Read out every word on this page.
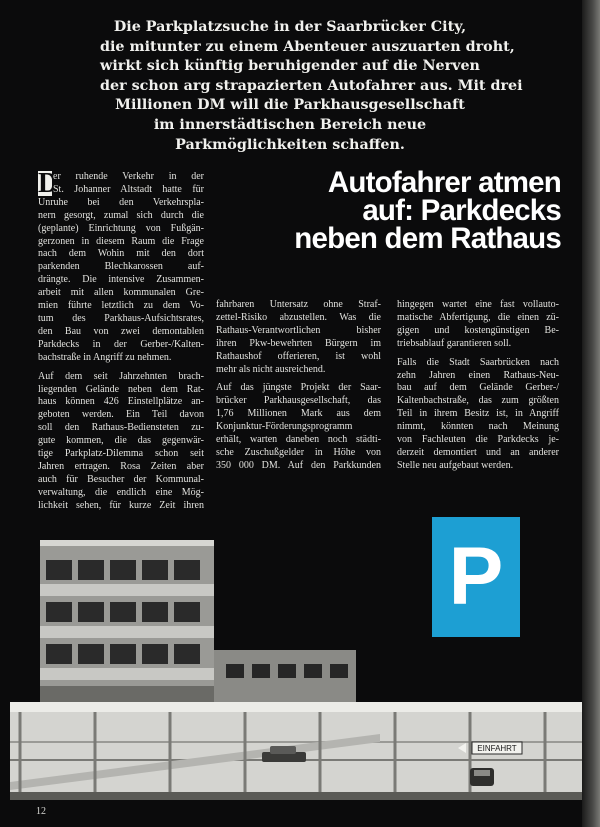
Die Parkplatzsuche in der Saarbrücker City,
die mitunter zu einem Abenteuer auszuarten droht,
wirkt sich künftig beruhigender auf die Nerven
der schon arg strapazierten Autofahrer aus. Mit drei
Millionen DM will die Parkhausgesellschaft
im innerstädtischen Bereich neue
Parkmöglichkeiten schaffen.
Autofahrer atmen
auf: Parkdecks
neben dem Rathaus
D

er ruhende Verkehr in der
St. Johanner Altstadt hatte für
Unruhe bei den Verkehrspla-
nern gesorgt, zumal sich durch die
(geplante) Einrichtung von Fußgän-
gerzonen in diesem Raum die Frage
nach dem Wohin mit den dort
parkenden Blechkarossen auf-
drängte. Die intensive Zusammen-
arbeit mit allen kommunalen Gre-
mien führte letztlich zu dem Vo-
tum des Parkhaus-Aufsichtsrates,
den Bau von zwei demontablen
Parkdecks in der Gerber-/Kalten-
bachstraße in Angriff zu nehmen.

Auf dem seit Jahrzehnten brach-
liegenden Gelände neben dem Rat-
haus können 426 Einstellplätze an-
geboten werden. Ein Teil davon
soll den Rathaus-Bediensteten zu-
gute kommen, die das gegenwär-
tige Parkplatz-Dilemma schon seit
Jahren ertragen. Rosa Zeiten aber
auch für Besucher der Kommunal-
verwaltung, die endlich eine Mög-
lichkeit sehen, für kurze Zeit ihren

fahrbaren Untersatz ohne Straf-
zettel-Risiko abzustellen. Was die
Rathaus-Verantwortlichen bisher
ihren Pkw-bewehrten Bürgern im
Rathaushof offerieren, ist wohl
mehr als nicht ausreichend.

Auf das jüngste Projekt der Saar-
brücker Parkhausgesellschaft, das
1,76 Millionen Mark aus dem
Konjunktur-Förderungsprogramm
erhält, warten daneben noch städti-
sche Zuschußgelder in Höhe von
350 000 DM. Auf den Parkkunden

hingegen wartet eine fast vollauto-
matische Abfertigung, die einen zü-
gigen und kostengünstigen Be-
triebsablauf garantieren soll.

Falls die Stadt Saarbrücken nach
zehn Jahren einen Rathaus-Neu-
bau auf dem Gelände Gerber-/
Kaltenbachstraße, das zum größten
Teil in ihrem Besitz ist, in Angriff
nimmt, könnten nach Meinung
von Fachleuten die Parkdecks je-
derzeit demontiert und an anderer
Stelle neu aufgebaut werden.

P
EINFAHRT
12
